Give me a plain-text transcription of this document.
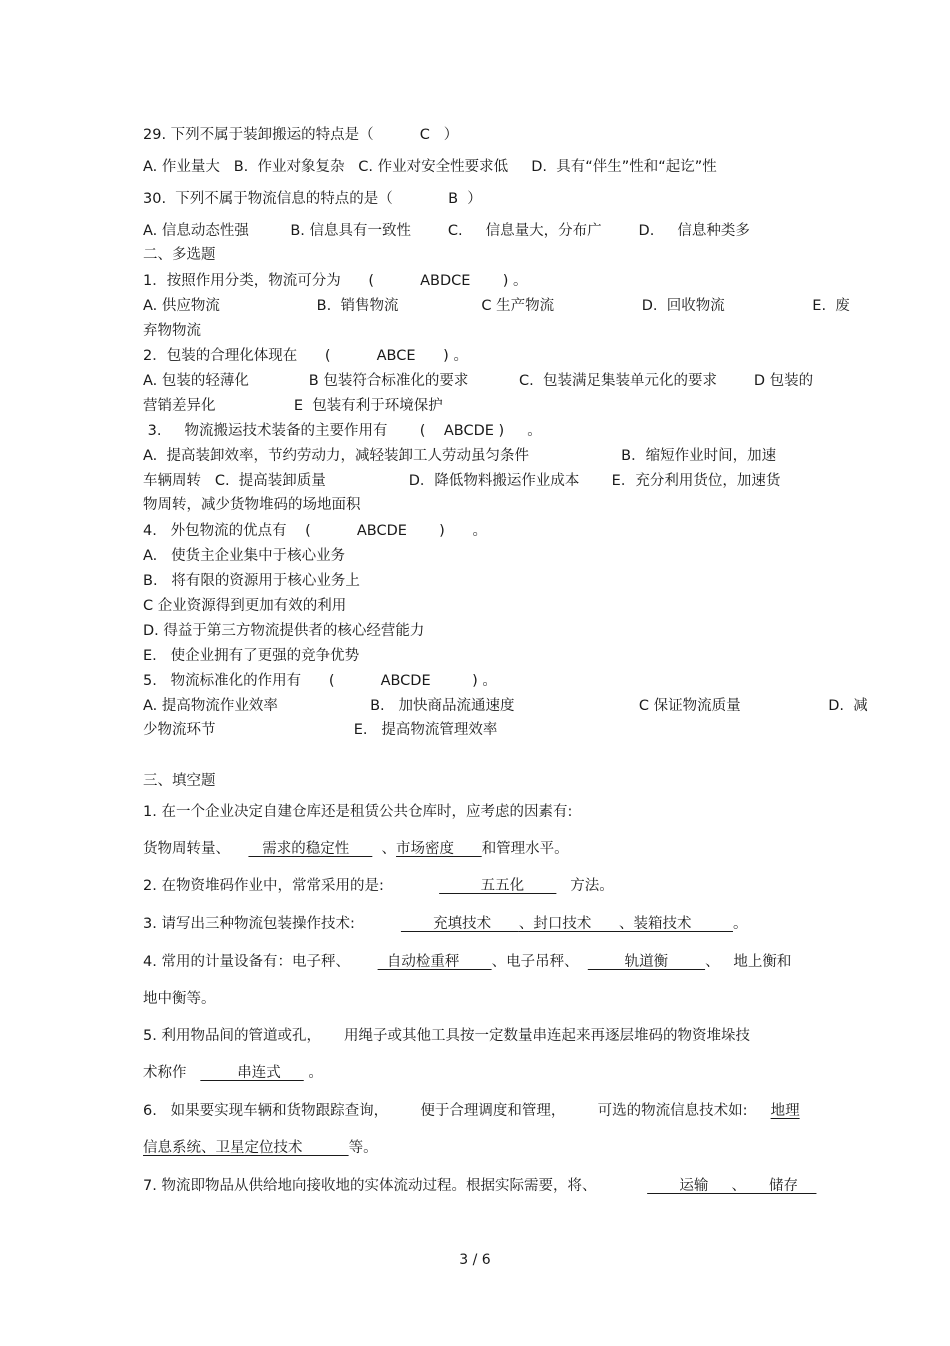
29. 下列不属于装卸搬运的特点是（          C   ）
A. 作业量大   B.  作业对象复杂   C. 作业对安全性要求低     D.  具有“伴生”性和“起讫”性
30.  下列不属于物流信息的特点的是（            B  ）
A. 信息动态性强         B. 信息具有一致性        C.     信息量大，分布广        D.     信息种类多
二、多选题
1．按照作用分类，物流可分为      (          ABDCE       ) 。
A. 供应物流                     B.  销售物流                  C 生产物流                   D.  回收物流                   E.  废
弃物物流
2．包装的合理化体现在      (          ABCE      ) 。
A. 包装的轻薄化             B 包装符合标准化的要求           C.  包装满足集装单元化的要求        D 包装的
营销差异化                 E  包装有利于环境保护
3.     物流搬运技术装备的主要作用有       (    ABCDE )     。
A.  提高装卸效率，节约劳动力，减轻装卸工人劳动虽匀条件                    B．缩短作业时间，加速
车辆周转   C.  提高装卸质量                  D．降低物料搬运作业成本       E．充分利用货位，加速货
物周转，减少货物堆码的场地面积
4.   外包物流的优点有    (          ABCDE       )      。
A.   使货主企业集中于核心业务
B.   将有限的资源用于核心业务上
C 企业资源得到更加有效的利用
D. 得益于第三方物流提供者的核心经营能力
E.   使企业拥有了更强的竞争优势
5.   物流标准化的作用有      (          ABCDE         ) 。
A. 提高物流作业效率                    B.   加快商品流通速度                           C 保证物流质量                   D.  减
少物流环节                              E.   提高物流管理效率
三、填空题
1. 在一个企业决定自建仓库还是租赁公共仓库时，应考虑的因素有:
货物周转量、       需求的稳定性       、市场密度      和管理水平。
2. 在物资堆码作业中，常常采用的是:                     五五化          方法。
3. 请写出三种物流包装操作技术:                 充填技术      、封口技术      、装箱技术         。
4. 常用的计量设备有：电子秤、        自动检重秤       、电子吊秤、          轨道衡        、   地上衡和
地中衡等。
5. 利用物品间的管道或孔，     用绳子或其他工具按一定数量串连起来再逐层堆码的物资堆垛技
术称作           串连式      。
6.   如果要实现车辆和货物跟踪查询，       便于合理调度和管理，       可选的物流信息技术如:     地理
信息系统、卫星定位技术          等。
7. 物流即物品从供给地向接收地的实体流动过程。根据实际需要，将、                  运输     、     储存
3 / 6
